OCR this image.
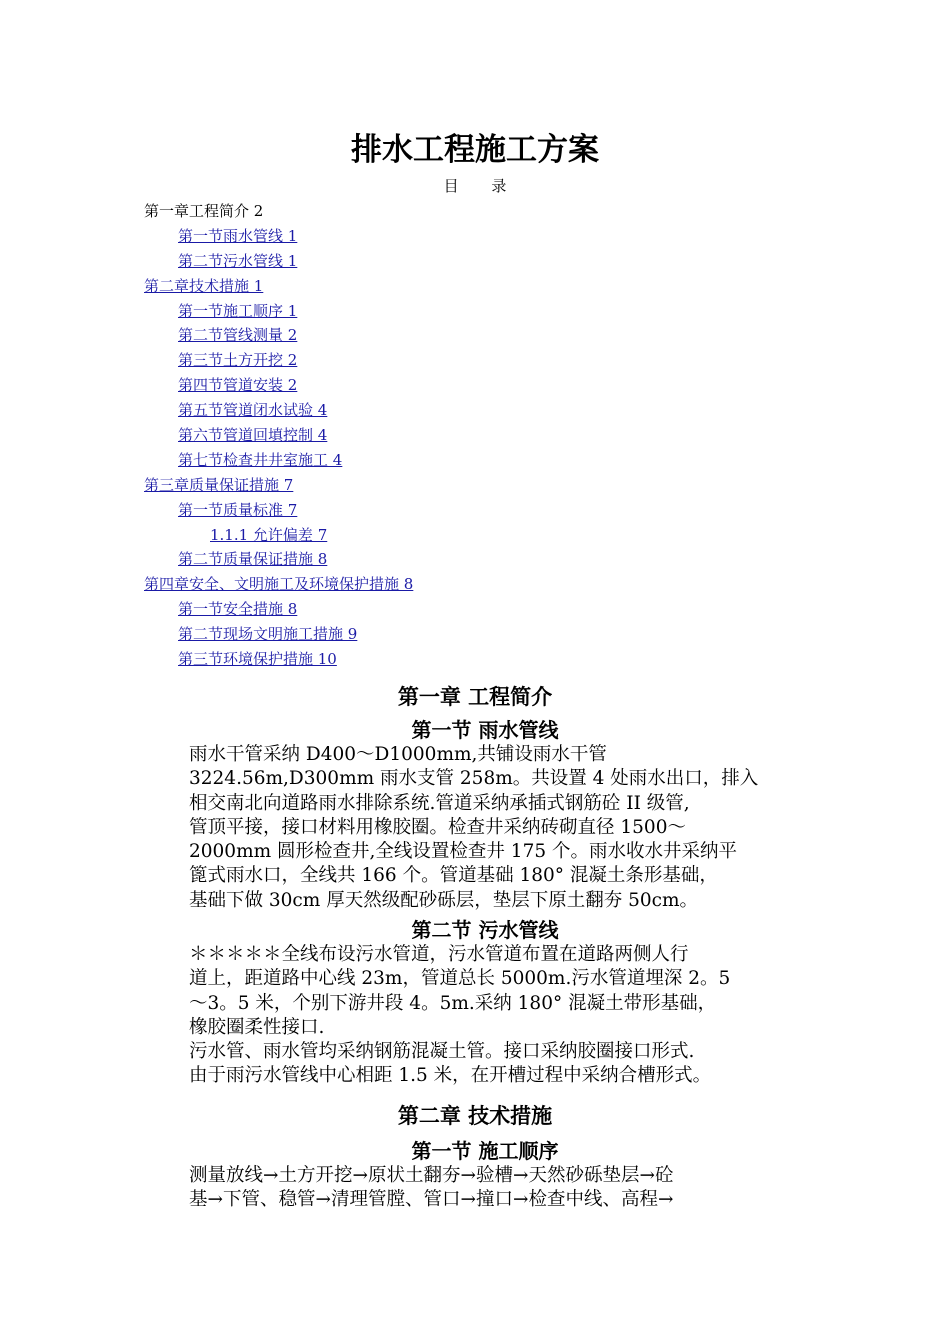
排水工程施工方案
目 录
第一章工程简介 2
第一节雨水管线 1
第二节污水管线 1
第二章技术措施 1
第一节施工顺序 1
第二节管线测量 2
第三节土方开挖 2
第四节管道安装 2
第五节管道闭水试验 4
第六节管道回填控制 4
第七节检查井井室施工 4
第三章质量保证措施 7
第一节质量标准 7
1.1.1 允许偏差 7
第二节质量保证措施 8
第四章安全、文明施工及环境保护措施 8
第一节安全措施 8
第二节现场文明施工措施 9
第三节环境保护措施 10
第一章 工程简介
第一节 雨水管线
雨水干管采纳 D400～D1000mm,共铺设雨水干管
3224.56m,D300mm 雨水支管 258m。共设置 4 处雨水出口，排入
相交南北向道路雨水排除系统.管道采纳承插式钢筋砼 II 级管,
管顶平接，接口材料用橡胶圈。检查井采纳砖砌直径 1500～
2000mm 圆形检查井,全线设置检查井 175 个。雨水收水井采纳平
篦式雨水口，全线共 166 个。管道基础 180° 混凝土条形基础，
基础下做 30cm 厚天然级配砂砾层，垫层下原土翻夯 50cm。
第二节 污水管线
＊＊＊＊＊全线布设污水管道，污水管道布置在道路两侧人行
道上，距道路中心线 23m，管道总长 5000m.污水管道埋深 2。5
～3。5 米，个别下游井段 4。5m.采纳 180° 混凝土带形基础，
橡胶圈柔性接口.
污水管、雨水管均采纳钢筋混凝土管。接口采纳胶圈接口形式.
由于雨污水管线中心相距 1.5 米，在开槽过程中采纳合槽形式。
第二章 技术措施
第一节 施工顺序
测量放线→土方开挖→原状土翻夯→验槽→天然砂砾垫层→砼
基→下管、稳管→清理管膛、管口→撞口→检查中线、高程→
